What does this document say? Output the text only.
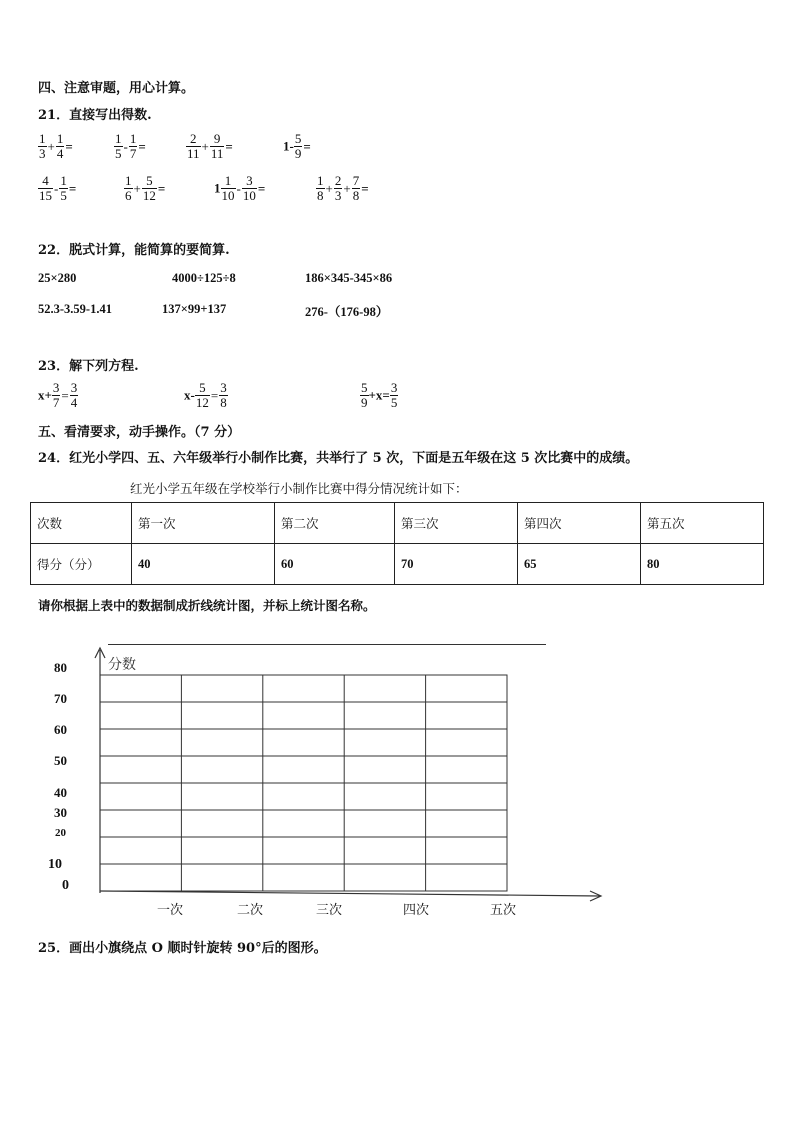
四、注意审题，用心计算。
21．直接写出得数.
$\frac{1}{3} + \frac{1}{4}$ =	$\frac{1}{5} - \frac{1}{7}$ =	$\frac{2}{11} + \frac{9}{11}$ =	$1- \frac{5}{9}$ =
$\frac{4}{15} - \frac{1}{5}$ =	$\frac{1}{6} + \frac{5}{12}$ =	$1 \frac{1}{10} - \frac{3}{10}$ =	$\frac{1}{8} + \frac{2}{3} + \frac{7}{8}$ =
22．脱式计算，能简算的要简算.
25×280	4000÷125÷8	186×345-345×86
52.3-3.59-1.41	137×99+137	276-（176-98）
23．解下列方程.
$x+ \frac{3}{7} = \frac{3}{4}$	$x- \frac{5}{12} = \frac{3}{8}$	$\frac{5}{9} +x= \frac{3}{5}$
五、看清要求，动手操作。（7 分）
24．红光小学四、五、六年级举行小制作比赛，共举行了 5 次，下面是五年级在这 5 次比赛中的成绩。
红光小学五年级在学校举行小制作比赛中得分情况统计如下：
次数	第一次	第二次	第三次	第四次	第五次
得分（分）	40	60	70	65	80
请你根据上表中的数据制成折线统计图，并标上统计图名称。
分数
80
70
60
50
40
30
20
10
0
一次	二次	三次	四次	五次
25．画出小旗绕点 O 顺时针旋转 90°后的图形。
